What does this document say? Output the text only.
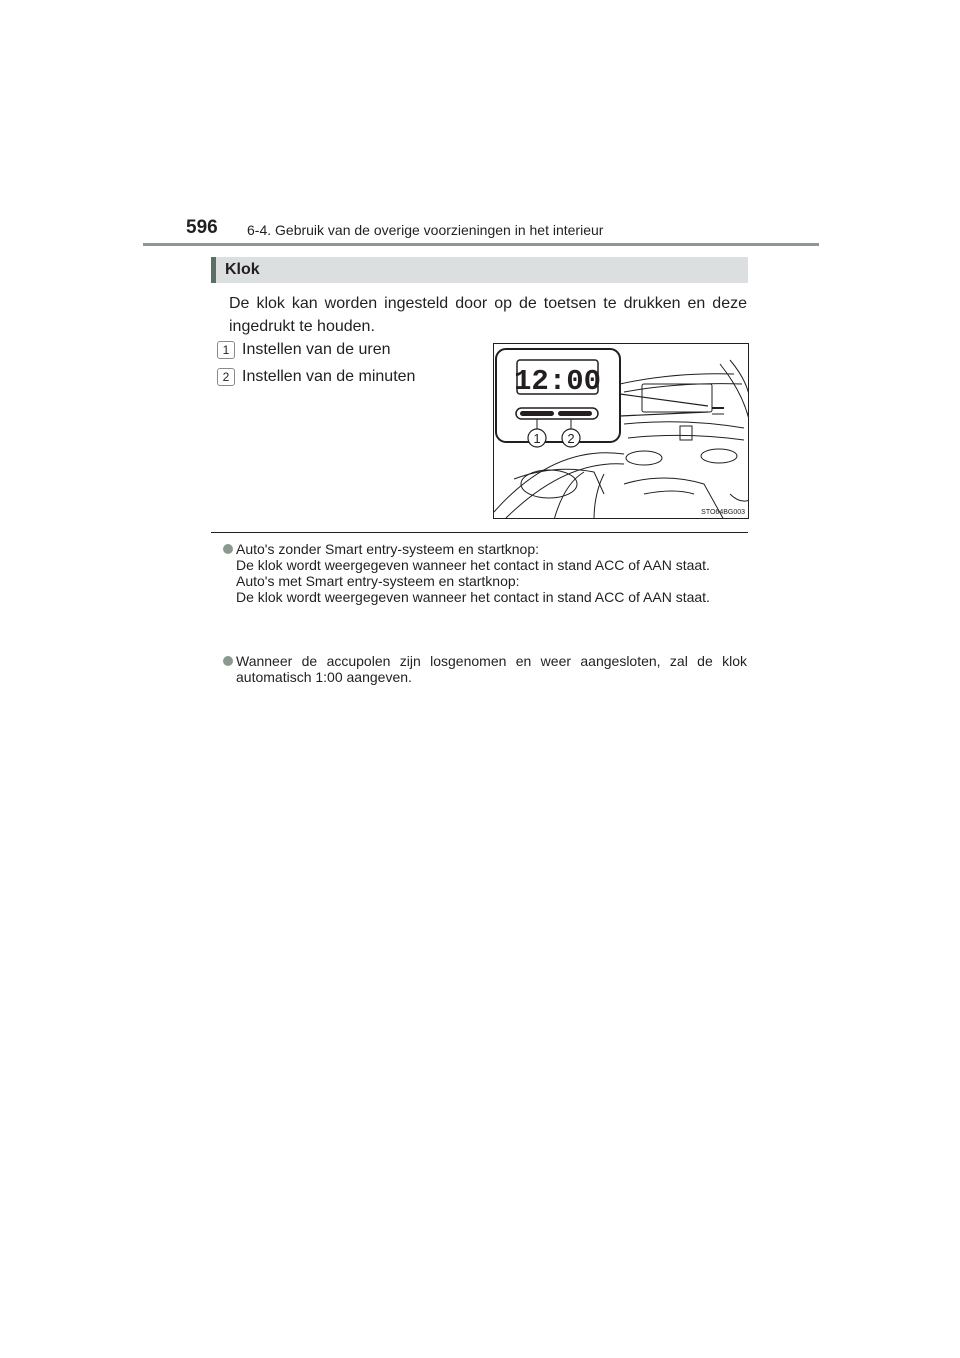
596 6-4. Gebruik van de overige voorzieningen in het interieur
Klok

De klok kan worden ingesteld door op de toetsen te drukken en deze ingedrukt te houden.

1 Instellen van de uren
2 Instellen van de minuten	12:00
1 2
STO64BG003

Auto's zonder Smart entry-systeem en startknop:

De klok wordt weergegeven wanneer het contact in stand ACC of AAN staat.

Auto's met Smart entry-systeem en startknop:

De klok wordt weergegeven wanneer het contact in stand ACC of AAN staat.

Wanneer de accupolen zijn losgenomen en weer aangesloten, zal de klok automatisch 1:00 aangeven.
